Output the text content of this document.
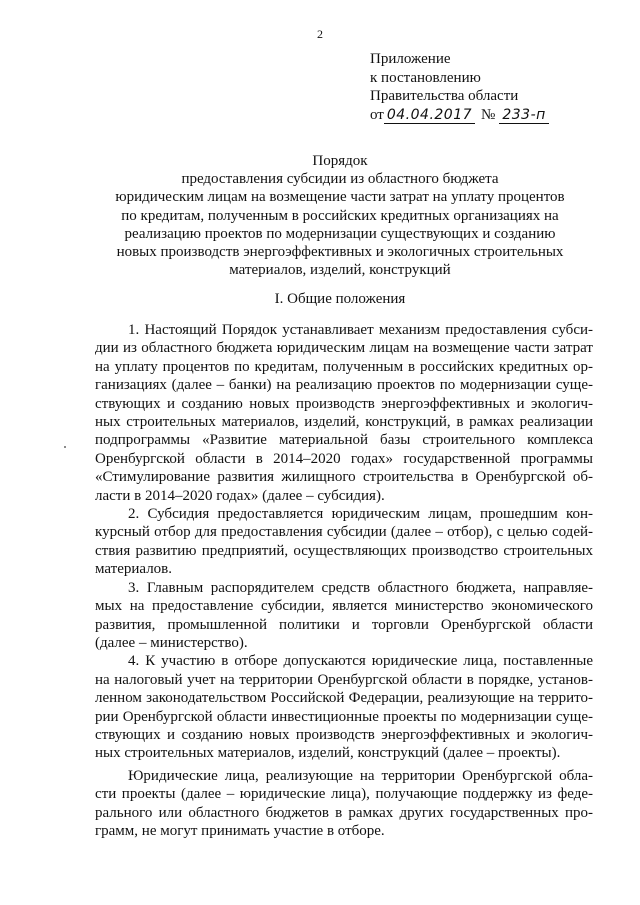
2
Приложение
к постановлению
Правительства области
от 04.04.2017 № 233-п
Порядок
предоставления субсидии из областного бюджета
юридическим лицам на возмещение части затрат на уплату процентов
по кредитам, полученным в российских кредитных организациях на
реализацию проектов по модернизации существующих и созданию
новых производств энергоэффективных и экологичных строительных
материалов, изделий, конструкций
I. Общие положения
1. Настоящий Порядок устанавливает механизм предоставления субси-
дии из областного бюджета юридическим лицам на возмещение части затрат
на уплату процентов по кредитам, полученным в российских кредитных ор-
ганизациях (далее – банки) на реализацию проектов по модернизации суще-
ствующих и созданию новых производств энергоэффективных и экологич-
ных строительных материалов, изделий, конструкций, в рамках реализации
подпрограммы «Развитие материальной базы строительного комплекса
Оренбургской области в 2014–2020 годах» государственной программы
«Стимулирование развития жилищного строительства в Оренбургской об-
ласти в 2014–2020 годах» (далее – субсидия).
2. Субсидия предоставляется юридическим лицам, прошедшим кон-
курсный отбор для предоставления субсидии (далее – отбор), с целью содей-
ствия развитию предприятий, осуществляющих производство строительных
материалов.
3. Главным распорядителем средств областного бюджета, направляе-
мых на предоставление субсидии, является министерство экономического
развития, промышленной политики и торговли Оренбургской области
(далее – министерство).
4. К участию в отборе допускаются юридические лица, поставленные
на налоговый учет на территории Оренбургской области в порядке, установ-
ленном законодательством Российской Федерации, реализующие на террито-
рии Оренбургской области инвестиционные проекты по модернизации суще-
ствующих и созданию новых производств энергоэффективных и экологич-
ных строительных материалов, изделий, конструкций (далее – проекты).
Юридические лица, реализующие на территории Оренбургской обла-
сти проекты (далее – юридические лица), получающие поддержку из феде-
рального или областного бюджетов в рамках других государственных про-
грамм, не могут принимать участие в отборе.
